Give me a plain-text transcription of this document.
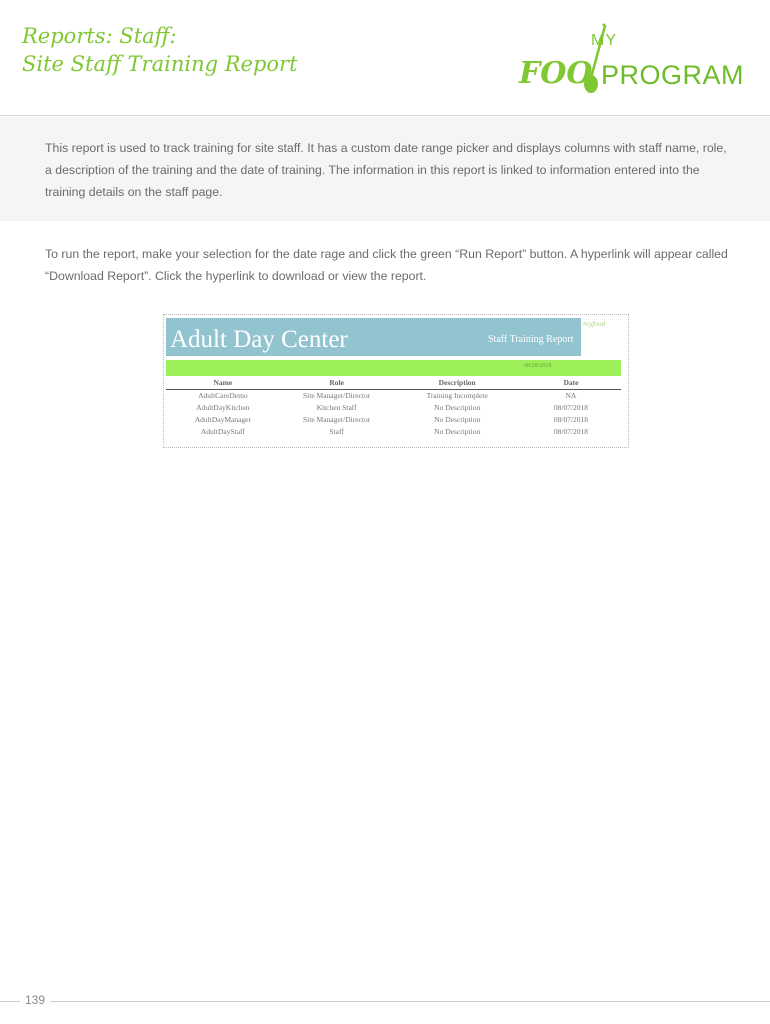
Reports: Staff:
Site Staff Training Report
MY
FOO PROGRAM

This report is used to track training for site staff. It has a custom date range picker and displays columns with staff name, role, a description of the training and the date of training. The information in this report is linked to information entered into the training details on the staff page.

To run the report, make your selection for the date rage and click the green “Run Report” button. A hyperlink will appear called “Download Report”. Click the hyperlink to download or view the report.

Adult Day Center	Staff Training Report
myfood
08/28/2018
Name	Role	Description	Date
AdultCareDemo	Site Manager/Director	Training Incomplete	NA
AdultDayKitchen	Kitchen Staff	No Description	08/07/2018
AdultDayManager	Site Manager/Director	No Description	08/07/2018
AdultDayStaff	Staff	No Description	08/07/2018
139
